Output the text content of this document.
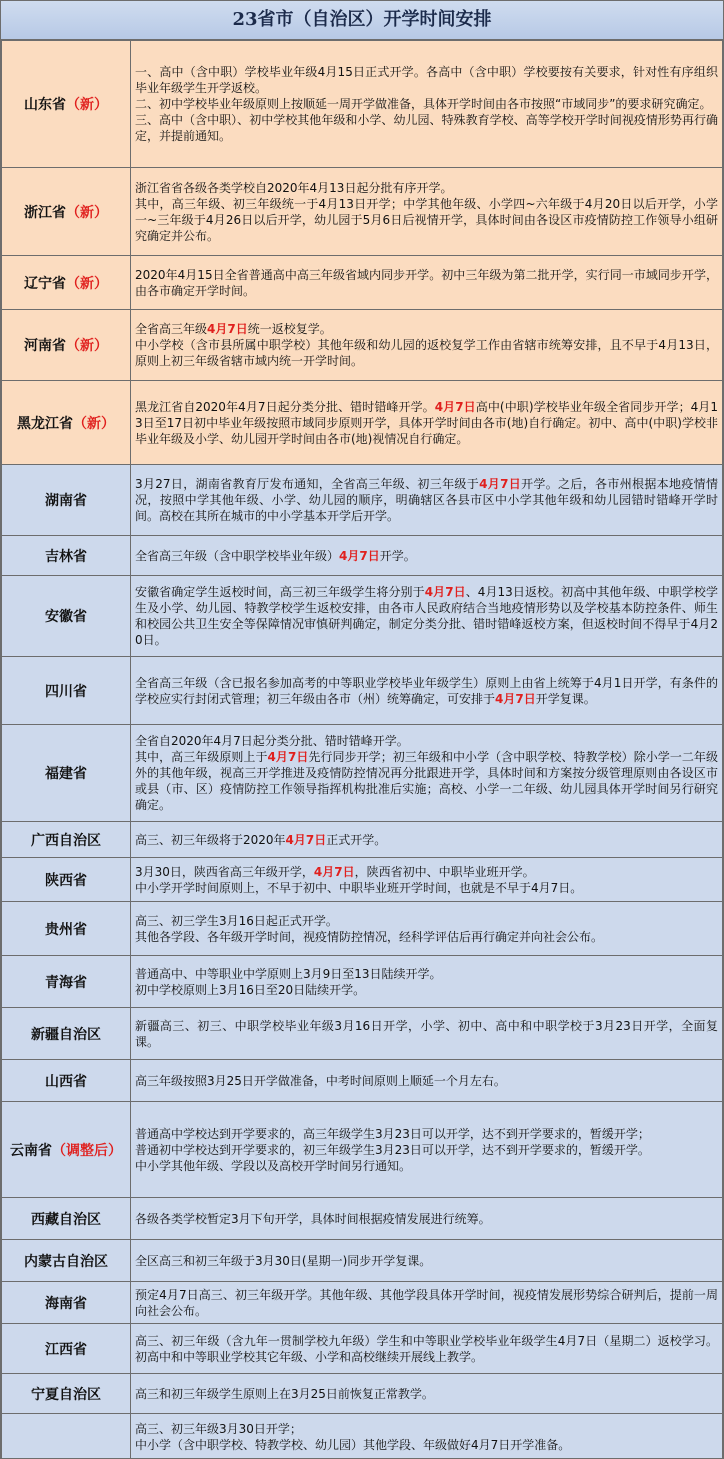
23省市（自治区）开学时间安排
山东省（新）	一、高中（含中职）学校毕业年级4月15日正式开学。各高中（含中职）学校要按有关要求，针对性有序组织毕业年级学生开学返校。
二、初中学校毕业年级原则上按顺延一周开学做准备，具体开学时间由各市按照“市域同步”的要求研究确定。
三、高中（含中职）、初中学校其他年级和小学、幼儿园、特殊教育学校、高等学校开学时间视疫情形势再行确定，并提前通知。

浙江省（新）	浙江省省各级各类学校自2020年4月13日起分批有序开学。
其中，高三年级、初三年级统一于4月13日开学；中学其他年级、小学四~六年级于4月20日以后开学，小学一~三年级于4月26日以后开学，幼儿园于5月6日后视情开学，具体时间由各设区市疫情防控工作领导小组研究确定并公布。

辽宁省（新）	2020年4月15日全省普通高中高三年级省域内同步开学。初中三年级为第二批开学，实行同一市域同步开学，由各市确定开学时间。

河南省（新）	全省高三年级4月7日统一返校复学。
中小学校（含市县所属中职学校）其他年级和幼儿园的返校复学工作由省辖市统筹安排，且不早于4月13日，原则上初三年级省辖市域内统一开学时间。

黑龙江省（新）	黑龙江省自2020年4月7日起分类分批、错时错峰开学。4月7日高中(中职)学校毕业年级全省同步开学；4月13日至17日初中毕业年级按照市域同步原则开学，具体开学时间由各市(地)自行确定。初中、高中(中职)学校非毕业年级及小学、幼儿园开学时间由各市(地)视情况自行确定。

湖南省	3月27日，湖南省教育厅发布通知，全省高三年级、初三年级于4月7日开学。之后，各市州根据本地疫情情况，按照中学其他年级、小学、幼儿园的顺序，明确辖区各县市区中小学其他年级和幼儿园错时错峰开学时间。高校在其所在城市的中小学基本开学后开学。

吉林省	全省高三年级（含中职学校毕业年级）4月7日开学。

安徽省	安徽省确定学生返校时间，高三初三年级学生将分别于4月7日、4月13日返校。初高中其他年级、中职学校学生及小学、幼儿园、特教学校学生返校安排，由各市人民政府结合当地疫情形势以及学校基本防控条件、师生和校园公共卫生安全等保障情况审慎研判确定，制定分类分批、错时错峰返校方案，但返校时间不得早于4月20日。

四川省	全省高三年级（含已报名参加高考的中等职业学校毕业年级学生）原则上由省上统筹于4月1日开学，有条件的学校应实行封闭式管理；初三年级由各市（州）统筹确定，可安排于4月7日开学复课。

福建省	全省自2020年4月7日起分类分批、错时错峰开学。
其中，高三年级原则上于4月7日先行同步开学；初三年级和中小学（含中职学校、特教学校）除小学一二年级外的其他年级，视高三开学推进及疫情防控情况再分批跟进开学，具体时间和方案按分级管理原则由各设区市或县（市、区）疫情防控工作领导指挥机构批准后实施；高校、小学一二年级、幼儿园具体开学时间另行研究确定。

广西自治区	高三、初三年级将于2020年4月7日正式开学。

陕西省	3月30日，陕西省高三年级开学，4月7日，陕西省初中、中职毕业班开学。
中小学开学时间原则上，不早于初中、中职毕业班开学时间，也就是不早于4月7日。

贵州省	高三、初三学生3月16日起正式开学。
其他各学段、各年级开学时间，视疫情防控情况，经科学评估后再行确定并向社会公布。

青海省	普通高中、中等职业中学原则上3月9日至13日陆续开学。
初中学校原则上3月16日至20日陆续开学。

新疆自治区	新疆高三、初三、中职学校毕业年级3月16日开学，小学、初中、高中和中职学校于3月23日开学，全面复课。

山西省	高三年级按照3月25日开学做准备，中考时间原则上顺延一个月左右。

云南省（调整后）	普通高中学校达到开学要求的，高三年级学生3月23日可以开学，达不到开学要求的，暂缓开学；
普通初中学校达到开学要求的，初三年级学生3月23日可以开学，达不到开学要求的，暂缓开学。
中小学其他年级、学段以及高校开学时间另行通知。

西藏自治区	各级各类学校暂定3月下旬开学，具体时间根据疫情发展进行统筹。

内蒙古自治区	全区高三和初三年级于3月30日(星期一)同步开学复课。

海南省	预定4月7日高三、初三年级开学。其他年级、其他学段具体开学时间，视疫情发展形势综合研判后，提前一周向社会公布。

江西省	高三、初三年级（含九年一贯制学校九年级）学生和中等职业学校毕业年级学生4月7日（星期二）返校学习。初高中和中等职业学校其它年级、小学和高校继续开展线上教学。

宁夏自治区	高三和初三年级学生原则上在3月25日前恢复正常教学。

	高三、初三年级3月30日开学；
中小学（含中职学校、特教学校、幼儿园）其他学段、年级做好4月7日开学准备。
